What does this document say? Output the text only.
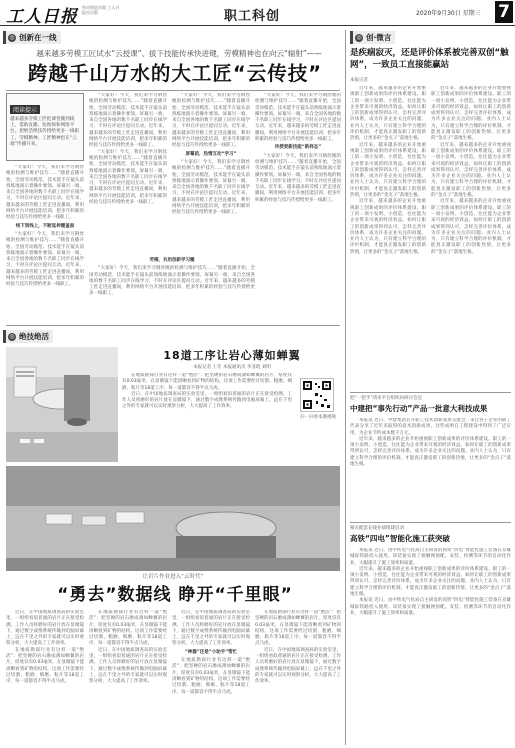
工人日报 劳动创造幸福 工人日报社出版	职工科创	2020年9月30日 星期三 7
◎ 创新在一线
越来越多劳模工匠试水“云授课”、拔下技能传承快进键，劳模精神也在向云“辐射”——
跨越千山万水的大工匠“云传技”
阅读提示
越来越多劳模工匠把课堂搬到线上，借助直播、短视频和网络平台，把绝活绝技传授给更多一线职工，劳模精神、工匠精神也在“云端”传播开来。

“大家好！今天，我们来学习钢丝绳的检测与维护技巧……”随着直播开始，全国劳动模范、技术能手在镜头前熟练地演示着操作要领。屏幕另一端，来自全国各地的数千名职工同步在线学习，不时在评论区提问互动。近年来，越来越多的劳模工匠走进直播间，利用网络平台开展技能培训，把多年积累的经验与技巧传授给更多一线职工。

线下到线上，不断延伸覆盖面

“大家好！今天，我们来学习钢丝绳的检测与维护技巧……”随着直播开始，全国劳动模范、技术能手在镜头前熟练地演示着操作要领。屏幕另一端，来自全国各地的数千名职工同步在线学习，不时在评论区提问互动。近年来，越来越多的劳模工匠走进直播间，利用网络平台开展技能培训，把多年积累的经验与技巧传授给更多一线职工。

“大家好！今天，我们来学习钢丝绳的检测与维护技巧……”随着直播开始，全国劳动模范、技术能手在镜头前熟练地演示着操作要领。屏幕另一端，来自全国各地的数千名职工同步在线学习，不时在评论区提问互动。近年来，越来越多的劳模工匠走进直播间，利用网络平台开展技能培训，把多年积累的经验与技巧传授给更多一线职工。

“大家好！今天，我们来学习钢丝绳的检测与维护技巧……”随着直播开始，全国劳动模范、技术能手在镜头前熟练地演示着操作要领。屏幕另一端，来自全国各地的数千名职工同步在线学习，不时在评论区提问互动。近年来，越来越多的劳模工匠走进直播间，利用网络平台开展技能培训，把多年积累的经验与技巧传授给更多一线职工。

“大家好！今天，我们来学习钢丝绳的检测与维护技巧……”随着直播开始，全国劳动模范、技术能手在镜头前熟练地演示着操作要领。屏幕另一端，来自全国各地的数千名职工同步在线学习，不时在评论区提问互动。近年来，越来越多的劳模工匠走进直播间，利用网络平台开展技能培训，把多年积累的经验与技巧传授给更多一线职工。

屏幕前，热情互动“学习”

“大家好！今天，我们来学习钢丝绳的检测与维护技巧……”随着直播开始，全国劳动模范、技术能手在镜头前熟练地演示着操作要领。屏幕另一端，来自全国各地的数千名职工同步在线学习，不时在评论区提问互动。近年来，越来越多的劳模工匠走进直播间，利用网络平台开展技能培训，把多年积累的经验与技巧传授给更多一线职工。

“大家好！今天，我们来学习钢丝绳的检测与维护技巧……”随着直播开始，全国劳动模范、技术能手在镜头前熟练地演示着操作要领。屏幕另一端，来自全国各地的数千名职工同步在线学习，不时在评论区提问互动。近年来，越来越多的劳模工匠走进直播间，利用网络平台开展技能培训，把多年积累的经验与技巧传授给更多一线职工。

传授更新技能“新样态”

“大家好！今天，我们来学习钢丝绳的检测与维护技巧……”随着直播开始，全国劳动模范、技术能手在镜头前熟练地演示着操作要领。屏幕另一端，来自全国各地的数千名职工同步在线学习，不时在评论区提问互动。近年来，越来越多的劳模工匠走进直播间，利用网络平台开展技能培训，把多年积累的经验与技巧传授给更多一线职工。

劳模、共用创新学习圈

“大家好！今天，我们来学习钢丝绳的检测与维护技巧……”随着直播开始，全国劳动模范、技术能手在镜头前熟练地演示着操作要领。屏幕另一端，来自全国各地的数千名职工同步在线学习，不时在评论区提问互动。近年来，越来越多的劳模工匠走进直播间，利用网络平台开展技能培训，把多年积累的经验与技巧传授给更多一线职工。

◎ 绝技绝活
18道工序让岩心薄如蝉翼
本报记者 王冬 本报通讯员 李亚琨 刘明

在地质勘探行业有这样一道“绝活”：把坚硬的岩石磨成薄如蝉翼的岩片，厚度仅有0.03毫米，在显微镜下能清晰看到矿物的结构。这项工作需要经过切割、粗磨、细磨、粘片等18道工序，每一道都容不得半点马虎。

近日，在中国地质调查局的实验室里，一组组看似普通的岩片正在接受检测。工作人员将磨好的岩片放在显微镜下，通过数字成像系统传输到电脑屏幕上，远在千里之外的专家就可以实时观察分析，大大提高了工作效率。

扫一扫看本期视频
让岩片作业进入“云时代”
“勇去”数据线 睁开“千里眼”

近日，在中国地质调查局的实验室里，一组组看似普通的岩片正在接受检测。工作人员将磨好的岩片放在显微镜下，通过数字成像系统传输到电脑屏幕上，远在千里之外的专家就可以实时观察分析，大大提高了工作效率。

在地质勘探行业有这样一道“绝活”：把坚硬的岩石磨成薄如蝉翼的岩片，厚度仅有0.03毫米，在显微镜下能清晰看到矿物的结构。这项工作需要经过切割、粗磨、细磨、粘片等18道工序，每一道都容不得半点马虎。

在地质勘探行业有这样一道“绝活”：把坚硬的岩石磨成薄如蝉翼的岩片，厚度仅有0.03毫米，在显微镜下能清晰看到矿物的结构。这项工作需要经过切割、粗磨、细磨、粘片等18道工序，每一道都容不得半点马虎。

近日，在中国地质调查局的实验室里，一组组看似普通的岩片正在接受检测。工作人员将磨好的岩片放在显微镜下，通过数字成像系统传输到电脑屏幕上，远在千里之外的专家就可以实时观察分析，大大提高了工作效率。

近日，在中国地质调查局的实验室里，一组组看似普通的岩片正在接受检测。工作人员将磨好的岩片放在显微镜下，通过数字成像系统传输到电脑屏幕上，远在千里之外的专家就可以实时观察分析，大大提高了工作效率。

“神器”还是“小助手”帮忙

在地质勘探行业有这样一道“绝活”：把坚硬的岩石磨成薄如蝉翼的岩片，厚度仅有0.03毫米，在显微镜下能清晰看到矿物的结构。这项工作需要经过切割、粗磨、细磨、粘片等18道工序，每一道都容不得半点马虎。

在地质勘探行业有这样一道“绝活”：把坚硬的岩石磨成薄如蝉翼的岩片，厚度仅有0.03毫米，在显微镜下能清晰看到矿物的结构。这项工作需要经过切割、粗磨、细磨、粘片等18道工序，每一道都容不得半点马虎。

近日，在中国地质调查局的实验室里，一组组看似普通的岩片正在接受检测。工作人员将磨好的岩片放在显微镜下，通过数字成像系统传输到电脑屏幕上，远在千里之外的专家就可以实时观察分析，大大提高了工作效率。

◎ 创·微言
是疾痼寂灭，还是评价体系被完善双创“触网”，一致员工直接能赢站
本报记者

近年来，越来越多的企业开始重视职工创新成果的评价体系建设。职工的一项小发明、小创造，往往能为企业带来可观的经济效益。如何让职工的创新成果得到认可，怎样完善评价体系，成为许多企业关注的问题。业内人士认为，只有建立科学合理的评价机制，才能真正激发职工的创新热情，让更多的“金点子”落地生根。

近年来，越来越多的企业开始重视职工创新成果的评价体系建设。职工的一项小发明、小创造，往往能为企业带来可观的经济效益。如何让职工的创新成果得到认可，怎样完善评价体系，成为许多企业关注的问题。业内人士认为，只有建立科学合理的评价机制，才能真正激发职工的创新热情，让更多的“金点子”落地生根。

近年来，越来越多的企业开始重视职工创新成果的评价体系建设。职工的一项小发明、小创造，往往能为企业带来可观的经济效益。如何让职工的创新成果得到认可，怎样完善评价体系，成为许多企业关注的问题。业内人士认为，只有建立科学合理的评价机制，才能真正激发职工的创新热情，让更多的“金点子”落地生根。

近年来，越来越多的企业开始重视职工创新成果的评价体系建设。职工的一项小发明、小创造，往往能为企业带来可观的经济效益。如何让职工的创新成果得到认可，怎样完善评价体系，成为许多企业关注的问题。业内人士认为，只有建立科学合理的评价机制，才能真正激发职工的创新热情，让更多的“金点子”落地生根。

近年来，越来越多的企业开始重视职工创新成果的评价体系建设。职工的一项小发明、小创造，往往能为企业带来可观的经济效益。如何让职工的创新成果得到认可，怎样完善评价体系，成为许多企业关注的问题。业内人士认为，只有建立科学合理的评价机制，才能真正激发职工的创新热情，让更多的“金点子”落地生根。

近年来，越来越多的企业开始重视职工创新成果的评价体系建设。职工的一项小发明、小创造，往往能为企业带来可观的经济效益。如何让职工的创新成果得到认可，怎样完善评价体系，成为许多企业关注的问题。业内人士认为，只有建立科学合理的评价机制，才能真正激发职工的创新热情，让更多的“金点子”落地生根。

把“一把手”请来平台组织坊研讨会是
中建把“事先行动”产品一批意大利技成果

本报讯 近日，中建集团召开职工技术创新成果交流会，来自各子企业的职工代表分享了近年来取得的技术创新成果，这些成果在工程建设中得到了广泛应用，为企业节约成本数千万元。

近年来，越来越多的企业开始重视职工创新成果的评价体系建设。职工的一项小发明、小创造，往往能为企业带来可观的经济效益。如何让职工的创新成果得到认可，怎样完善评价体系，成为许多企业关注的问题。业内人士认为，只有建立科学合理的评价机制，才能真正激发职工的创新热情，让更多的“金点子”落地生根。

相关配套在线业绩组建启动
高铁“四电”智能化施工获突破

本报讯 近日，由中铁电气化局自主研发的高铁“四电”智能化施工装备在京雄城际铁路投入使用。该装备实现了接触网预配、安装、检测等环节的自动化作业，大幅提升了施工效率和质量。

近年来，越来越多的企业开始重视职工创新成果的评价体系建设。职工的一项小发明、小创造，往往能为企业带来可观的经济效益。如何让职工的创新成果得到认可，怎样完善评价体系，成为许多企业关注的问题。业内人士认为，只有建立科学合理的评价机制，才能真正激发职工的创新热情，让更多的“金点子”落地生根。

本报讯 近日，由中铁电气化局自主研发的高铁“四电”智能化施工装备在京雄城际铁路投入使用。该装备实现了接触网预配、安装、检测等环节的自动化作业，大幅提升了施工效率和质量。
